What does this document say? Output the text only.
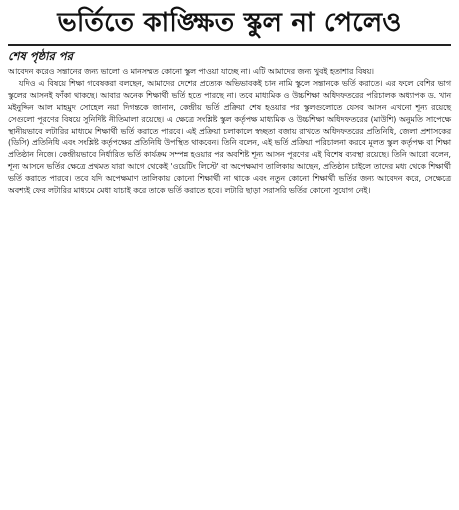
ভর্তিতে কাঙ্ক্ষিত স্কুল না পেলেও
শেষ পৃষ্ঠার পর

আবেদন করেও সন্তানের জন্য ভালো ও মানসম্মত কোনো স্কুল পাওয়া যাচ্ছে না। এটি আমাদের জন্য খুবই হতাশার বিষয়।

যদিও এ বিষয়ে শিক্ষা গবেষকরা বলছেন, আমাদের দেশের প্রত্যেক অভিভাবকই চান নামি স্কুলে সন্তানকে ভর্তি করাতে। এর ফলে বেশির ভাগ স্কুলের আসনই ফাঁকা থাকছে। আবার অনেক শিক্ষার্থী ভর্তি হতে পারছে না। তবে মাধ্যমিক ও উচ্চশিক্ষা অধিদফতরের পরিচালক অধ্যাপক ড. খান মইনুদ্দিন আল মাহমুদ সোহেল নয়া দিগন্তকে জানান, কেন্দ্রীয় ভর্তি প্রক্রিয়া শেষ হওয়ার পর স্কুলগুলোতে যেসব আসন এখনো শূন্য রয়েছে সেগুলো পূরণের বিষয়ে সুনির্দিষ্ট নীতিমালা রয়েছে। এ ক্ষেত্রে সংশ্লিষ্ট স্কুল কর্তৃপক্ষ মাধ্যমিক ও উচ্চশিক্ষা অধিদফতরের (মাউশি) অনুমতি সাপেক্ষে স্থানীয়ভাবে লটারির মাধ্যমে শিক্ষার্থী ভর্তি করাতে পারবে। এই প্রক্রিয়া চলাকালে স্বচ্ছতা বজায় রাখতে অধিদফতরের প্রতিনিধি, জেলা প্রশাসকের (ডিসি) প্রতিনিধি এবং সংশ্লিষ্ট কর্তৃপক্ষের প্রতিনিধি উপস্থিত থাকবেন। তিনি বলেন, এই ভর্তি প্রক্রিয়া পরিচালনা করবে মূলত স্কুল কর্তৃপক্ষ বা শিক্ষা প্রতিষ্ঠান নিজে। কেন্দ্রীয়ভাবে নির্ধারিত ভর্তি কার্যক্রম সম্পন্ন হওয়ার পর অবশিষ্ট শূন্য আসন পূরণের এই বিশেষ ব্যবস্থা রয়েছে। তিনি আরো বলেন, শূন্য আসনে ভর্তির ক্ষেত্রে প্রথমত যারা আগে থেকেই 'ওয়েটিং লিস্টে' বা অপেক্ষমাণ তালিকায় আছেন, প্রতিষ্ঠান চাইলে তাদের মধ্য থেকে শিক্ষার্থী ভর্তি করাতে পারবে। তবে যদি অপেক্ষমাণ তালিকায় কোনো শিক্ষার্থী না থাকে এবং নতুন কোনো শিক্ষার্থী ভর্তির জন্য আবেদন করে, সেক্ষেত্রে অবশ্যই ফের লটারির মাধ্যমে মেধা যাচাই করে তাকে ভর্তি করাতে হবে। লটারি ছাড়া সরাসরি ভর্তির কোনো সুযোগ নেই।
